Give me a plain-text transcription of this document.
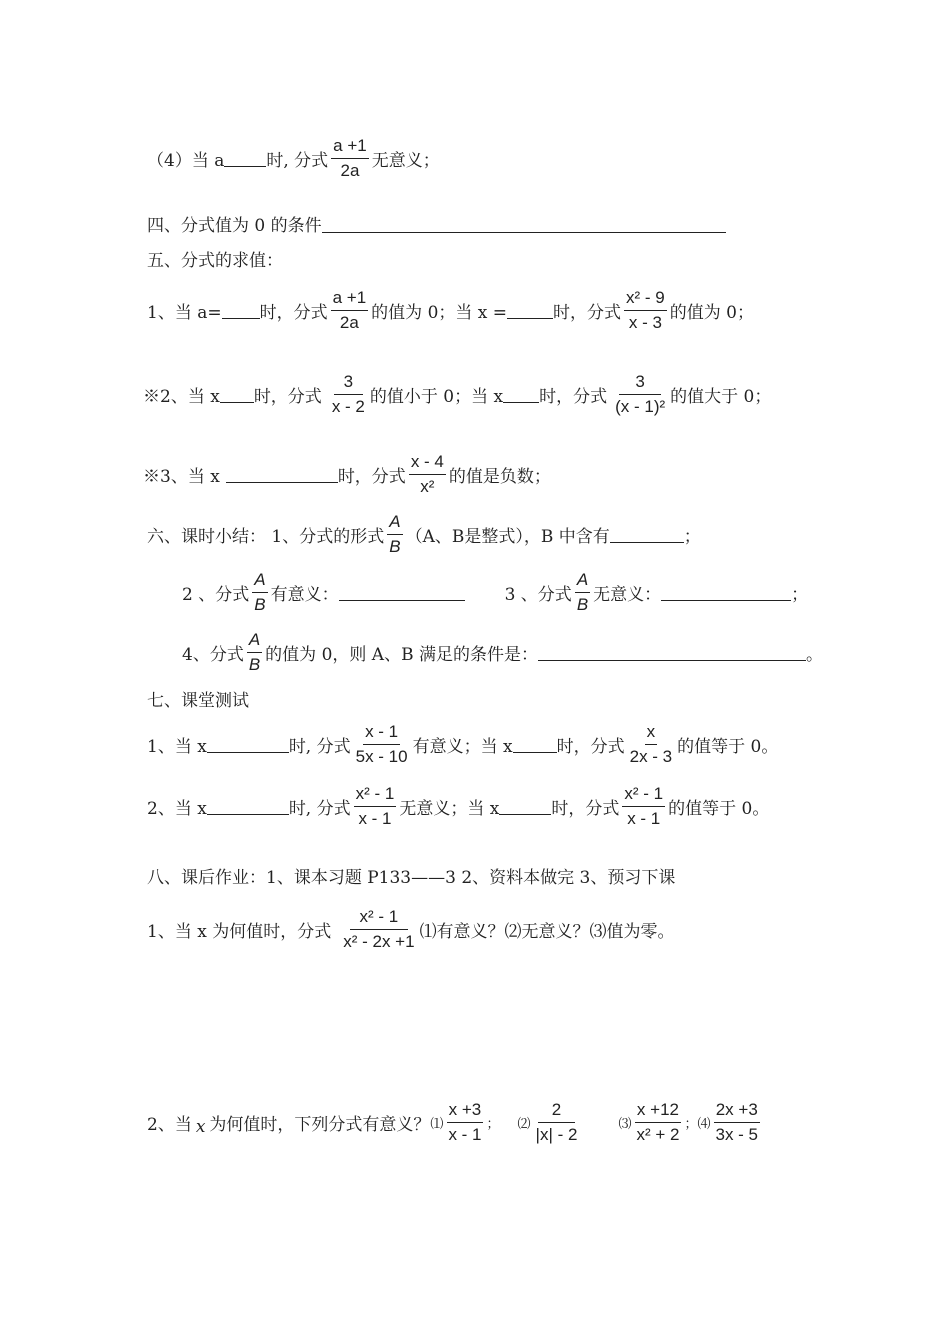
（4）当 a 时, 分式 $\frac{a +1}{2a}$ 无意义；
四、分式值为 0 的条件
五、分式的求值：
1、当 a= 时，分式 $\frac{a +1}{2a}$ 的值为 0；当 x =	时，分式 $\frac{\text{x² - 9}}{x - 3}$ 的值为 0；
※2、当 x 时，分式 $\frac{3}{x - 2}$ 的值小于 0；当 x 时，分式 $\frac{3}{\text{(x - 1)²}}$ 的值大于 0；
※3、当 x	时，分式 $\frac{x - 4}{\text{x²}}$ 的值是负数；
六、课时小结： 1、分式的形式 $\frac{A}{B} (A$、B是整式），B 中含有	；
2 、分式 $\frac{A}{B}$ 有意义：	3 、分式 $\frac{A}{B}$ 无意义：	；
4、分式 $\frac{A}{B}$ 的值为 0，则 A、B 满足的条件是：	。
七、课堂测试
1、当 x	时, 分式 $\frac{x - 1}{5x - 10}$ 有意义；当 x	时，分式 $\frac{x}{2x - 3}$ 的值等于 0。
2、当 x	时, 分式 $\frac{\text{x² - 1}}{x - 1}$ 无意义；当 x	时，分式 $\frac{\text{x² - 1}}{x - 1}$ 的值等于 0。
八、课后作业：1、课本习题 P133——3 2、资料本做完 3、预习下课
1、当 x 为何值时，分式 $\frac{\text{x² - 1}}{\text{x² - 2x +1}}$ ⑴有意义？⑵无意义？⑶值为零。
2、当 x 为何值时，下列分式有意义？ ⑴ $\frac{x +3}{x - 1}$ ； ⑵ $\frac{2}{|x| - 2}$	⑶ $\frac{x +12}{\text{x² + 2}}$ ； ⑷ $\frac{2x +3}{3x - 5}$
